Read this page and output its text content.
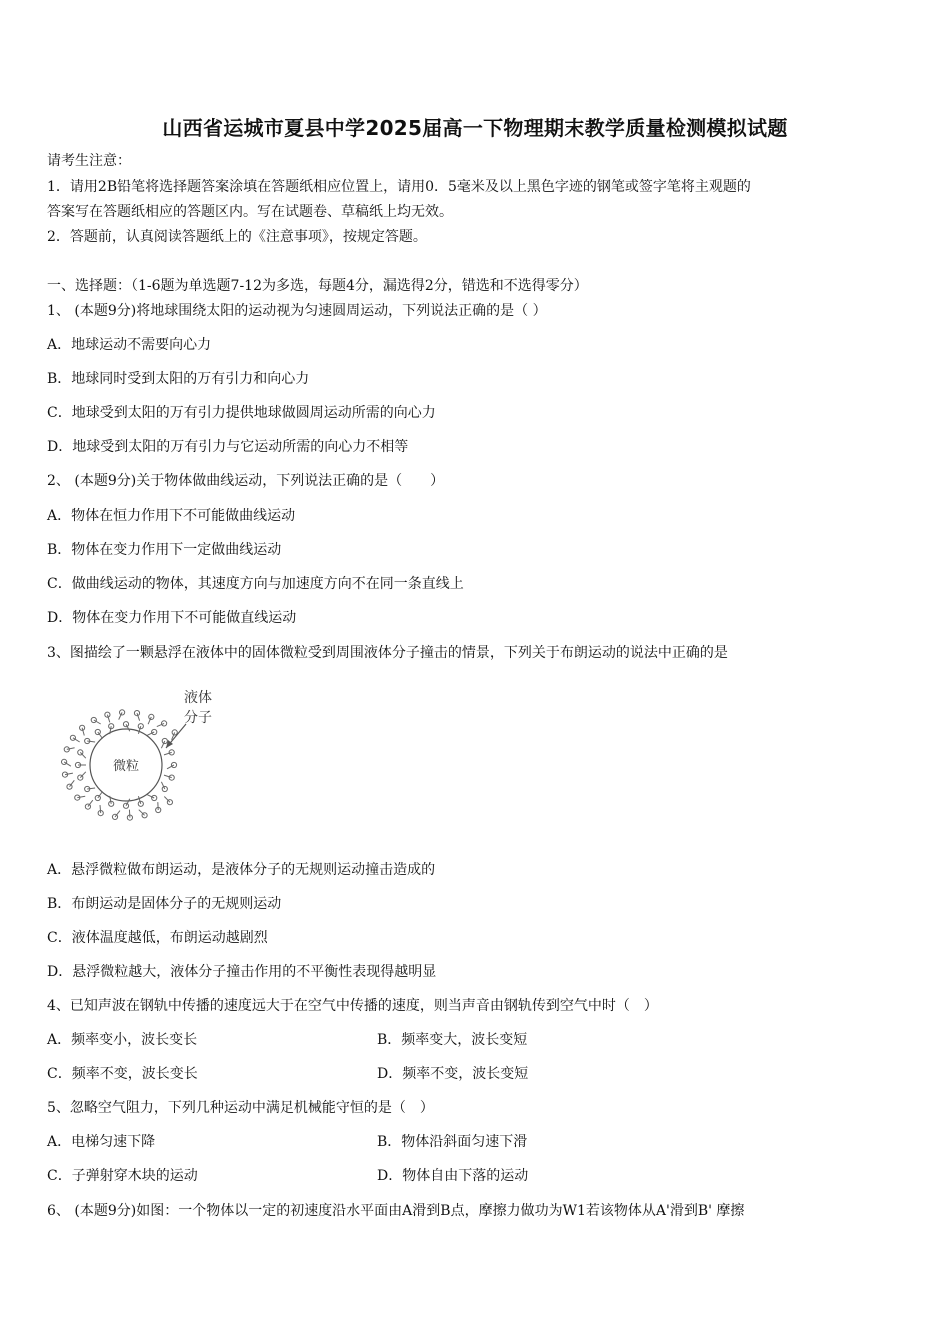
山西省运城市夏县中学2025届高一下物理期末教学质量检测模拟试题
请考生注意：
1．请用2B铅笔将选择题答案涂填在答题纸相应位置上，请用0．5毫米及以上黑色字迹的钢笔或签字笔将主观题的
答案写在答题纸相应的答题区内。写在试题卷、草稿纸上均无效。
2．答题前，认真阅读答题纸上的《注意事项》，按规定答题。
一、选择题：（1-6题为单选题7-12为多选，每题4分，漏选得2分，错选和不选得零分）
1、 (本题9分)将地球围绕太阳的运动视为匀速圆周运动，下列说法正确的是（ ）
A．地球运动不需要向心力
B．地球同时受到太阳的万有引力和向心力
C．地球受到太阳的万有引力提供地球做圆周运动所需的向心力
D．地球受到太阳的万有引力与它运动所需的向心力不相等
2、 (本题9分)关于物体做曲线运动，下列说法正确的是（　　）
A．物体在恒力作用下不可能做曲线运动
B．物体在变力作用下一定做曲线运动
C．做曲线运动的物体，其速度方向与加速度方向不在同一条直线上
D．物体在变力作用下不可能做直线运动
3、图描绘了一颗悬浮在液体中的固体微粒受到周围液体分子撞击的情景，下列关于布朗运动的说法中正确的是
微粒
液体
分子
A．悬浮微粒做布朗运动，是液体分子的无规则运动撞击造成的
B．布朗运动是固体分子的无规则运动
C．液体温度越低，布朗运动越剧烈
D．悬浮微粒越大，液体分子撞击作用的不平衡性表现得越明显
4、已知声波在钢轨中传播的速度远大于在空气中传播的速度，则当声音由钢轨传到空气中时（　）
A．频率变小，波长变长	B．频率变大，波长变短
C．频率不变，波长变长	D．频率不变，波长变短
5、忽略空气阻力，下列几种运动中满足机械能守恒的是（　）
A．电梯匀速下降	B．物体沿斜面匀速下滑
C．子弹射穿木块的运动	D．物体自由下落的运动
6、 (本题9分)如图：一个物体以一定的初速度沿水平面由A滑到B点，摩擦力做功为W1若该物体从A'滑到B' 摩擦
